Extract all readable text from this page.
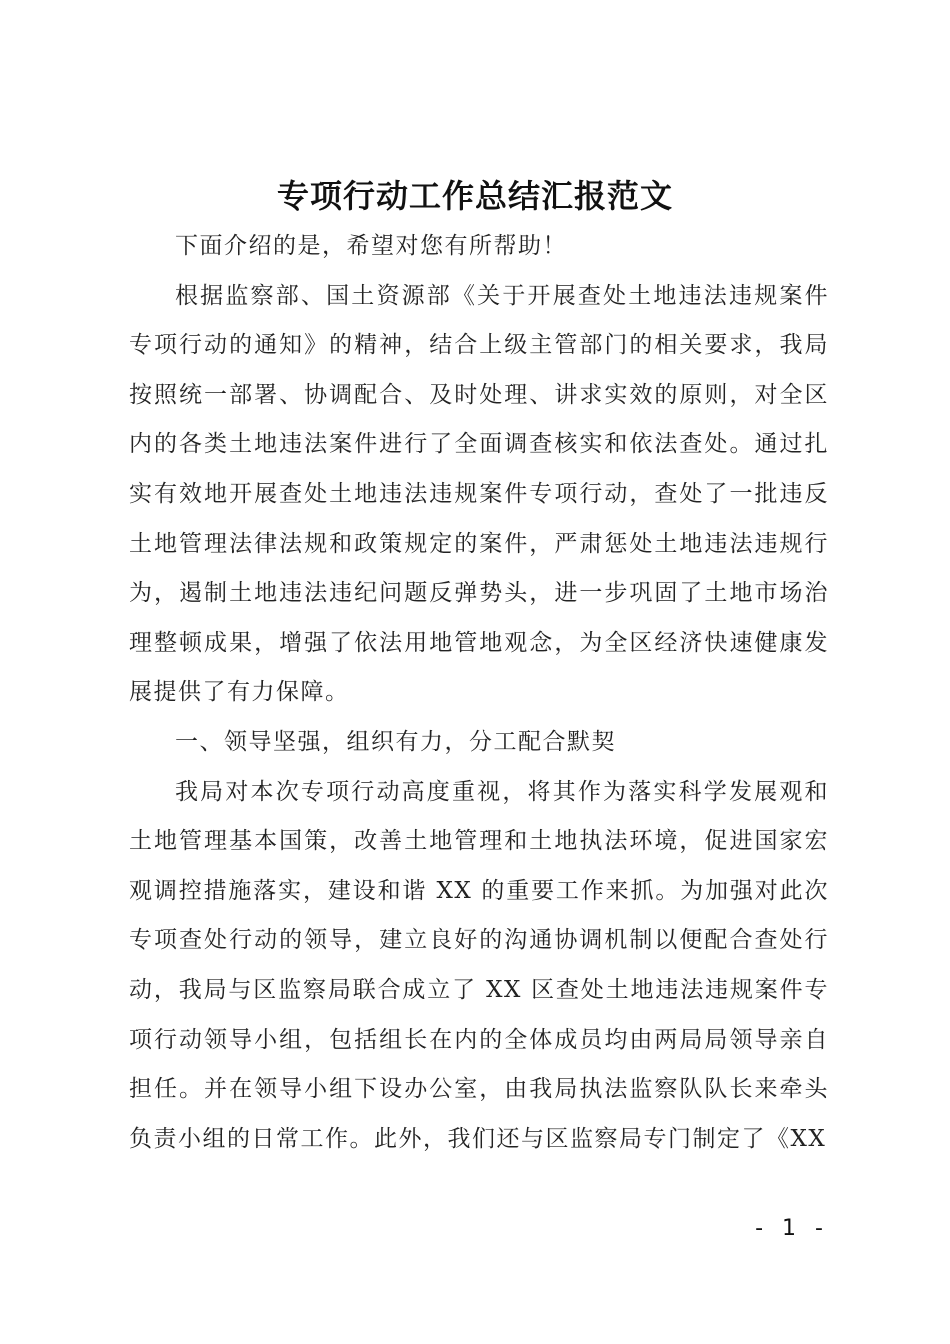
专项行动工作总结汇报范文

下面介绍的是，希望对您有所帮助！

根据监察部、国土资源部《关于开展查处土地违法违规案件专项行动的通知》的精神，结合上级主管部门的相关要求，我局按照统一部署、协调配合、及时处理、讲求实效的原则，对全区内的各类土地违法案件进行了全面调查核实和依法查处。通过扎实有效地开展查处土地违法违规案件专项行动，查处了一批违反土地管理法律法规和政策规定的案件，严肃惩处土地违法违规行为，遏制土地违法违纪问题反弹势头，进一步巩固了土地市场治理整顿成果，增强了依法用地管地观念，为全区经济快速健康发展提供了有力保障。

一、领导坚强，组织有力，分工配合默契

我局对本次专项行动高度重视，将其作为落实科学发展观和土地管理基本国策，改善土地管理和土地执法环境，促进国家宏观调控措施落实，建设和谐 XX 的重要工作来抓。为加强对此次专项查处行动的领导，建立良好的沟通协调机制以便配合查处行动，我局与区监察局联合成立了 XX 区查处土地违法违规案件专项行动领导小组，包括组长在内的全体成员均由两局局领导亲自担任。并在领导小组下设办公室，由我局执法监察队队长来牵头负责小组的日常工作。此外，我们还与区监察局专门制定了《XX

- 1 -
